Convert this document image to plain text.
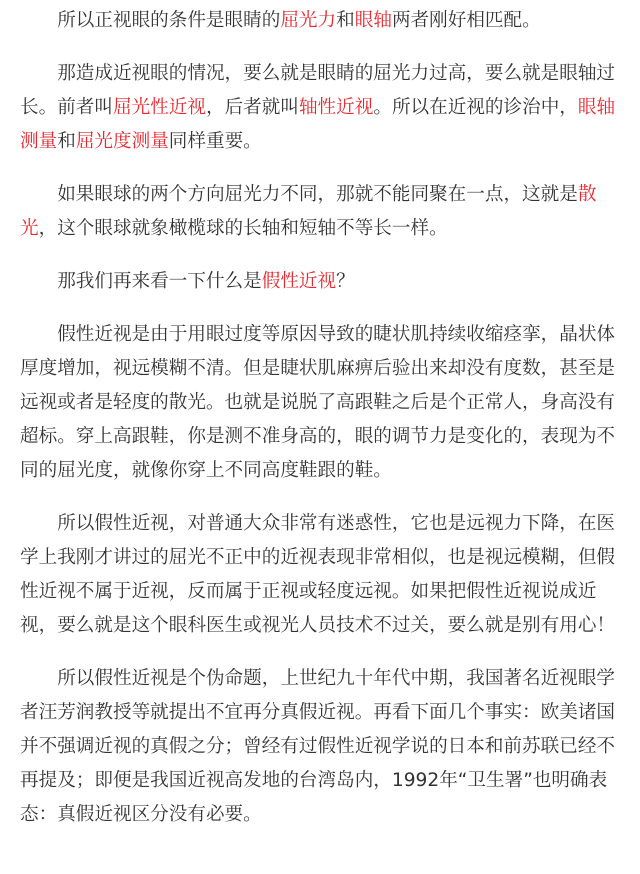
所以正视眼的条件是眼睛的屈光力和眼轴两者刚好相匹配。

那造成近视眼的情况，要么就是眼睛的屈光力过高，要么就是眼轴过长。前者叫屈光性近视，后者就叫轴性近视。所以在近视的诊治中，眼轴测量和屈光度测量同样重要。

如果眼球的两个方向屈光力不同，那就不能同聚在一点，这就是散光，这个眼球就象橄榄球的长轴和短轴不等长一样。

那我们再来看一下什么是假性近视？

假性近视是由于用眼过度等原因导致的睫状肌持续收缩痉挛，晶状体厚度增加，视远模糊不清。但是睫状肌麻痹后验出来却没有度数，甚至是远视或者是轻度的散光。也就是说脱了高跟鞋之后是个正常人，身高没有超标。穿上高跟鞋，你是测不准身高的，眼的调节力是变化的，表现为不同的屈光度，就像你穿上不同高度鞋跟的鞋。

所以假性近视，对普通大众非常有迷惑性，它也是远视力下降，在医学上我刚才讲过的屈光不正中的近视表现非常相似，也是视远模糊，但假性近视不属于近视，反而属于正视或轻度远视。如果把假性近视说成近视，要么就是这个眼科医生或视光人员技术不过关，要么就是别有用心！

所以假性近视是个伪命题，上世纪九十年代中期，我国著名近视眼学者汪芳润教授等就提出不宜再分真假近视。再看下面几个事实：欧美诸国并不强调近视的真假之分；曾经有过假性近视学说的日本和前苏联已经不再提及；即便是我国近视高发地的台湾岛内，1992年“卫生署”也明确表态：真假近视区分没有必要。
